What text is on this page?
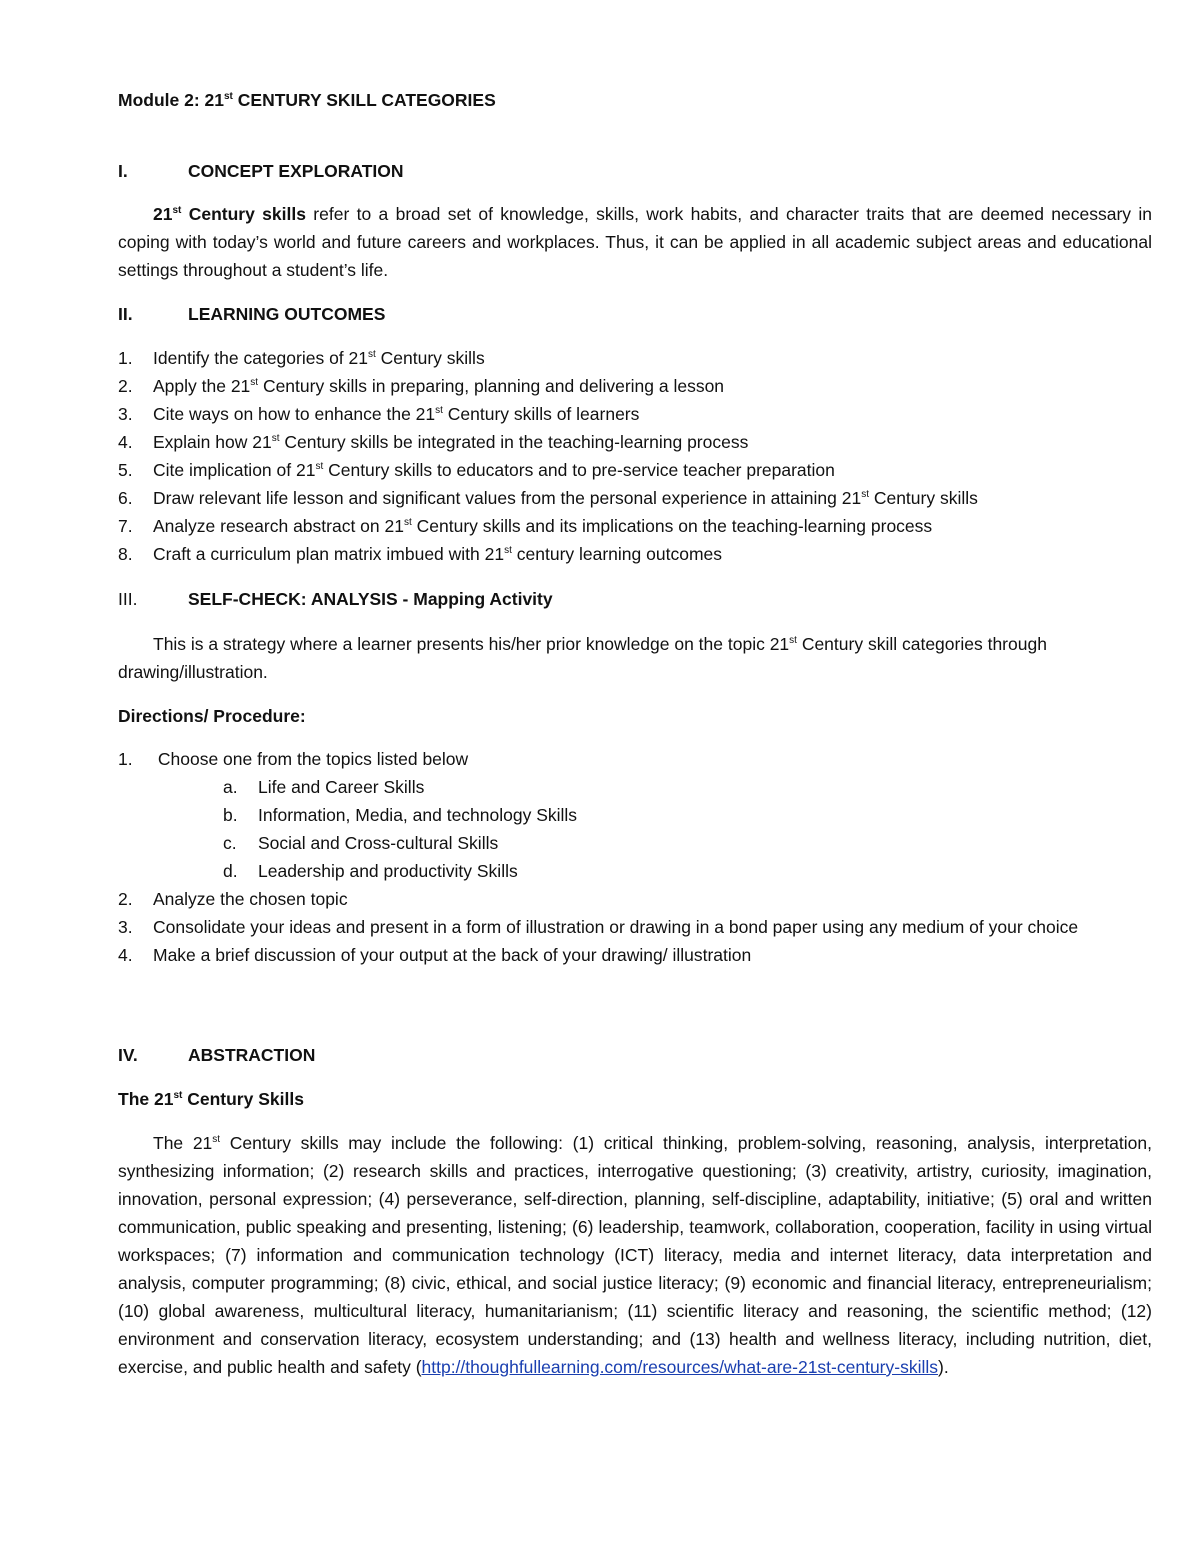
Module 2: 21st CENTURY SKILL CATEGORIES
I.	CONCEPT EXPLORATION
21st Century skills refer to a broad set of knowledge, skills, work habits, and character traits that are deemed necessary in coping with today’s world and future careers and workplaces. Thus, it can be applied in all academic subject areas and educational settings throughout a student’s life.
II.	LEARNING OUTCOMES
1.	Identify the categories of 21st Century skills
2.	Apply the 21st Century skills in preparing, planning and delivering a lesson
3.	Cite ways on how to enhance the 21st Century skills of learners
4.	Explain how 21st Century skills be integrated in the teaching-learning process
5.	Cite implication of 21st Century skills to educators and to pre-service teacher preparation
6.	Draw relevant life lesson and significant values from the personal experience in attaining 21st Century skills
7.	Analyze research abstract on 21st Century skills and its implications on the teaching-learning process
8.	Craft a curriculum plan matrix imbued with 21st century learning outcomes
III.	SELF-CHECK: ANALYSIS - Mapping Activity
This is a strategy where a learner presents his/her prior knowledge on the topic 21st Century skill categories through drawing/illustration.
Directions/ Procedure:
1.	Choose one from the topics listed below
a.	Life and Career Skills
b.	Information, Media, and technology Skills
c.	Social and Cross-cultural Skills
d.	Leadership and productivity Skills
2.	Analyze the chosen topic
3.	Consolidate your ideas and present in a form of illustration or drawing in a bond paper using any medium of your choice
4.	Make a brief discussion of your output at the back of your drawing/ illustration
IV.	ABSTRACTION
The 21st Century Skills
The 21st Century skills may include the following: (1) critical thinking, problem-solving, reasoning, analysis, interpretation, synthesizing information; (2) research skills and practices, interrogative questioning; (3) creativity, artistry, curiosity, imagination, innovation, personal expression; (4) perseverance, self-direction, planning, self-discipline, adaptability, initiative; (5) oral and written communication, public speaking and presenting, listening; (6) leadership, teamwork, collaboration, cooperation, facility in using virtual workspaces; (7) information and communication technology (ICT) literacy, media and internet literacy, data interpretation and analysis, computer programming; (8) civic, ethical, and social justice literacy; (9) economic and financial literacy, entrepreneurialism; (10) global awareness, multicultural literacy, humanitarianism; (11) scientific literacy and reasoning, the scientific method; (12) environment and conservation literacy, ecosystem understanding; and (13) health and wellness literacy, including nutrition, diet, exercise, and public health and safety (http://thoughfullearning.com/resources/what-are-21st-century-skills).
